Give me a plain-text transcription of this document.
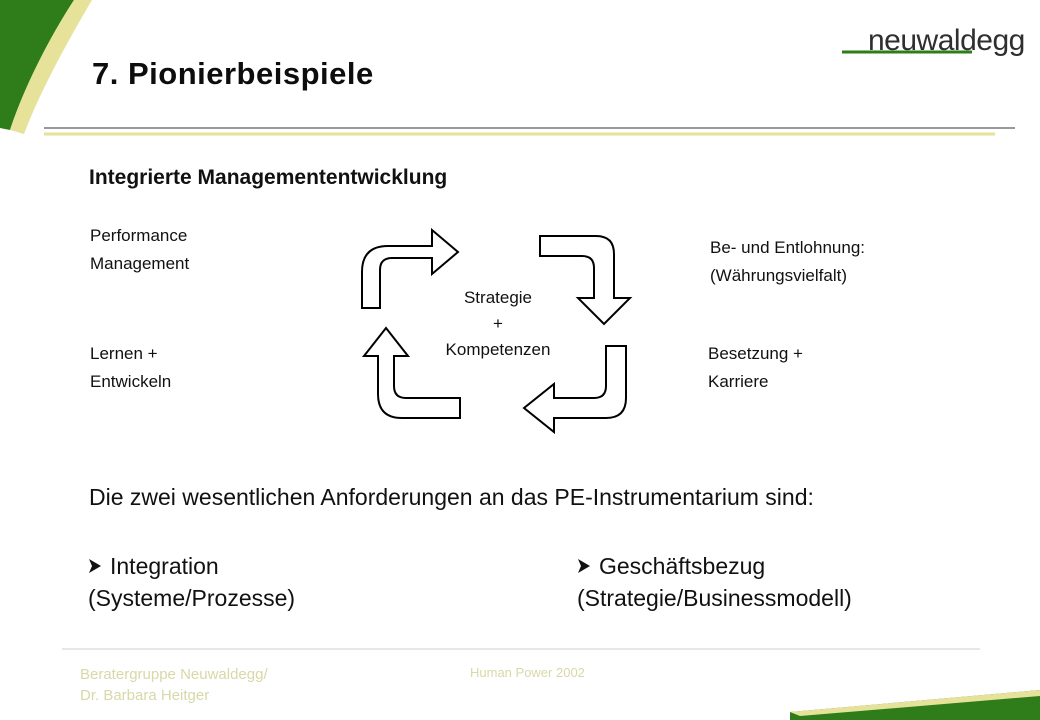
7. Pionierbeispiele
neuwaldegg
Integrierte Managemententwicklung
Performance
Management
Be- und Entlohnung:
(Währungsvielfalt)
Lernen +
Entwickeln
Besetzung +
Karriere
Strategie
+
Kompetenzen
Die zwei wesentlichen Anforderungen an das PE-Instrumentarium sind:
Integration
(Systeme/Prozesse)
Geschäftsbezug
(Strategie/Businessmodell)
Beratergruppe Neuwaldegg/
Dr. Barbara Heitger
Human Power 2002
